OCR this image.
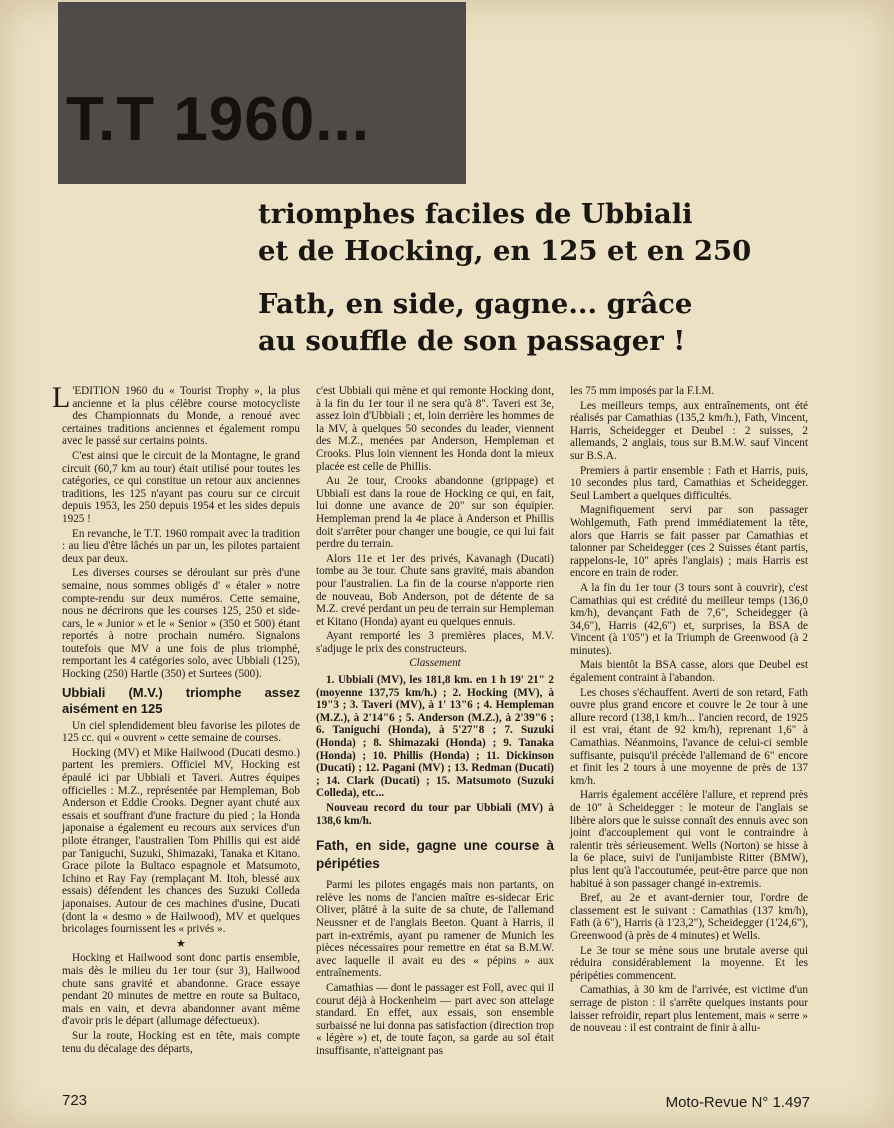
T.T 1960...
triomphes faciles de Ubbiali
et de Hocking, en 125 et en 250
Fath, en side, gagne... grâce
au souffle de son passager !

L 'EDITION 1960 du « Tourist Trophy », la plus ancienne et la plus célèbre course motocycliste des Championnats du Monde, a renoué avec certaines traditions anciennes et également rompu avec le passé sur certains points.

C'est ainsi que le circuit de la Montagne, le grand circuit (60,7 km au tour) était utilisé pour toutes les catégories, ce qui constitue un retour aux anciennes traditions, les 125 n'ayant pas couru sur ce circuit depuis 1953, les 250 depuis 1954 et les sides depuis 1925 !

En revanche, le T.T. 1960 rompait avec la tradition : au lieu d'être lâchés un par un, les pilotes partaient deux par deux.

Les diverses courses se déroulant sur près d'une semaine, nous sommes obligés d' « étaler » notre compte-rendu sur deux numéros. Cette semaine, nous ne décrirons que les courses 125, 250 et side-cars, le « Junior » et le « Senior » (350 et 500) étant reportés à notre prochain numéro. Signalons toutefois que MV a une fois de plus triomphé, remportant les 4 catégories solo, avec Ubbiali (125), Hocking (250) Hartle (350) et Surtees (500).

Ubbiali (M.V.) triomphe assez aisément en 125

Un ciel splendidement bleu favorise les pilotes de 125 cc. qui « ouvrent » cette semaine de courses.

Hocking (MV) et Mike Hailwood (Ducati desmo.) partent les premiers. Officiel MV, Hocking est épaulé ici par Ubbiali et Taveri. Autres équipes officielles : M.Z., représentée par Hempleman, Bob Anderson et Eddie Crooks. Degner ayant chuté aux essais et souffrant d'une fracture du pied ; la Honda japonaise a également eu recours aux services d'un pilote étranger, l'australien Tom Phillis qui est aidé par Taniguchi, Suzuki, Shimazaki, Tanaka et Kitano. Grace pilote la Bultaco espagnole et Matsumoto, Ichino et Ray Fay (remplaçant M. Itoh, blessé aux essais) défendent les chances des Suzuki Colleda japonaises. Autour de ces machines d'usine, Ducati (dont la « desmo » de Hailwood), MV et quelques bricolages fournissent les « privés ».

★

Hocking et Hailwood sont donc partis ensemble, mais dès le milieu du 1er tour (sur 3), Hailwood chute sans gravité et abandonne. Grace essaye pendant 20 minutes de mettre en route sa Bultaco, mais en vain, et devra abandonner avant même d'avoir pris le départ (allumage défectueux).

Sur la route, Hocking est en tête, mais compte tenu du décalage des départs,

c'est Ubbiali qui mène et qui remonte Hocking dont, à la fin du 1er tour il ne sera qu'à 8". Taveri est 3e, assez loin d'Ubbiali ; et, loin derrière les hommes de la MV, à quelques 50 secondes du leader, viennent des M.Z., menées par Anderson, Hempleman et Crooks. Plus loin viennent les Honda dont la mieux placée est celle de Phillis.

Au 2e tour, Crooks abandonne (grippage) et Ubbiali est dans la roue de Hocking ce qui, en fait, lui donne une avance de 20" sur son équipier. Hempleman prend la 4e place à Anderson et Phillis doit s'arrêter pour changer une bougie, ce qui lui fait perdre du terrain.

Alors 11e et 1er des privés, Kavanagh (Ducati) tombe au 3e tour. Chute sans gravité, mais abandon pour l'australien. La fin de la course n'apporte rien de nouveau, Bob Anderson, pot de détente de sa M.Z. crevé perdant un peu de terrain sur Hempleman et Kitano (Honda) ayant eu quelques ennuis.

Ayant remporté les 3 premières places, M.V. s'adjuge le prix des constructeurs.

Classement

1. Ubbiali (MV), les 181,8 km. en 1 h 19' 21" 2 (moyenne 137,75 km/h.) ; 2. Hocking (MV), à 19"3 ; 3. Taveri (MV), à 1' 13"6 ; 4. Hempleman (M.Z.), à 2'14"6 ; 5. Anderson (M.Z.), à 2'39"6 ; 6. Taniguchi (Honda), à 5'27"8 ; 7. Suzuki (Honda) ; 8. Shimazaki (Honda) ; 9. Tanaka (Honda) ; 10. Phillis (Honda) ; 11. Dickinson (Ducati) ; 12. Pagani (MV) ; 13. Redman (Ducati) ; 14. Clark (Ducati) ; 15. Matsumoto (Suzuki Colleda), etc...

Nouveau record du tour par Ubbiali (MV) à 138,6 km/h.

Fath, en side, gagne une course à péripéties

Parmi les pilotes engagés mais non partants, on relève les noms de l'ancien maître es-sidecar Eric Oliver, plâtré à la suite de sa chute, de l'allemand Neussner et de l'anglais Beeton. Quant à Harris, il part in-extrémis, ayant pu ramener de Munich les pièces nécessaires pour remettre en état sa B.M.W. avec laquelle il avait eu des « pépins » aux entraînements.

Camathias — dont le passager est Foll, avec qui il courut déjà à Hockenheim — part avec son attelage standard. En effet, aux essais, son ensemble surbaissé ne lui donna pas satisfaction (direction trop « légère ») et, de toute façon, sa garde au sol était insuffisante, n'atteignant pas

les 75 mm imposés par la F.I.M.

Les meilleurs temps, aux entraînements, ont été réalisés par Camathias (135,2 km/h.), Fath, Vincent, Harris, Scheidegger et Deubel : 2 suisses, 2 allemands, 2 anglais, tous sur B.M.W. sauf Vincent sur B.S.A.

Premiers à partir ensemble : Fath et Harris, puis, 10 secondes plus tard, Camathias et Scheidegger. Seul Lambert a quelques difficultés.

Magnifiquement servi par son passager Wohlgemuth, Fath prend immédiatement la tête, alors que Harris se fait passer par Camathias et talonner par Scheidegger (ces 2 Suisses étant partis, rappelons-le, 10" après l'anglais) ; mais Harris est encore en train de roder.

A la fin du 1er tour (3 tours sont à couvrir), c'est Camathias qui est crédité du meilleur temps (136,0 km/h), devançant Fath de 7,6", Scheidegger (à 34,6"), Harris (42,6") et, surprises, la BSA de Vincent (à 1'05") et la Triumph de Greenwood (à 2 minutes).

Mais bientôt la BSA casse, alors que Deubel est également contraint à l'abandon.

Les choses s'échauffent. Averti de son retard, Fath ouvre plus grand encore et couvre le 2e tour à une allure record (138,1 km/h... l'ancien record, de 1925 il est vrai, étant de 92 km/h), reprenant 1,6" à Camathias. Néanmoins, l'avance de celui-ci semble suffisante, puisqu'il précède l'allemand de 6" encore et finit les 2 tours à une moyenne de près de 137 km/h.

Harris également accélère l'allure, et reprend près de 10" à Scheidegger : le moteur de l'anglais se libère alors que le suisse connaît des ennuis avec son joint d'accouplement qui vont le contraindre à ralentir très sérieusement. Wells (Norton) se hisse à la 6e place, suivi de l'unijambiste Ritter (BMW), plus lent qu'à l'accoutumée, peut-être parce que non habitué à son passager changé in-extremis.

Bref, au 2e et avant-dernier tour, l'ordre de classement est le suivant : Camathias (137 km/h), Fath (à 6"), Harris (à 1'23,2"), Scheidegger (1'24,6"), Greenwood (à près de 4 minutes) et Wells.

Le 3e tour se mène sous une brutale averse qui réduira considérablement la moyenne. Et les péripéties commencent.

Camathias, à 30 km de l'arrivée, est victime d'un serrage de piston : il s'arrête quelques instants pour laisser refroidir, repart plus lentement, mais « serre » de nouveau : il est contraint de finir à allu-

723	Moto-Revue N° 1.497
